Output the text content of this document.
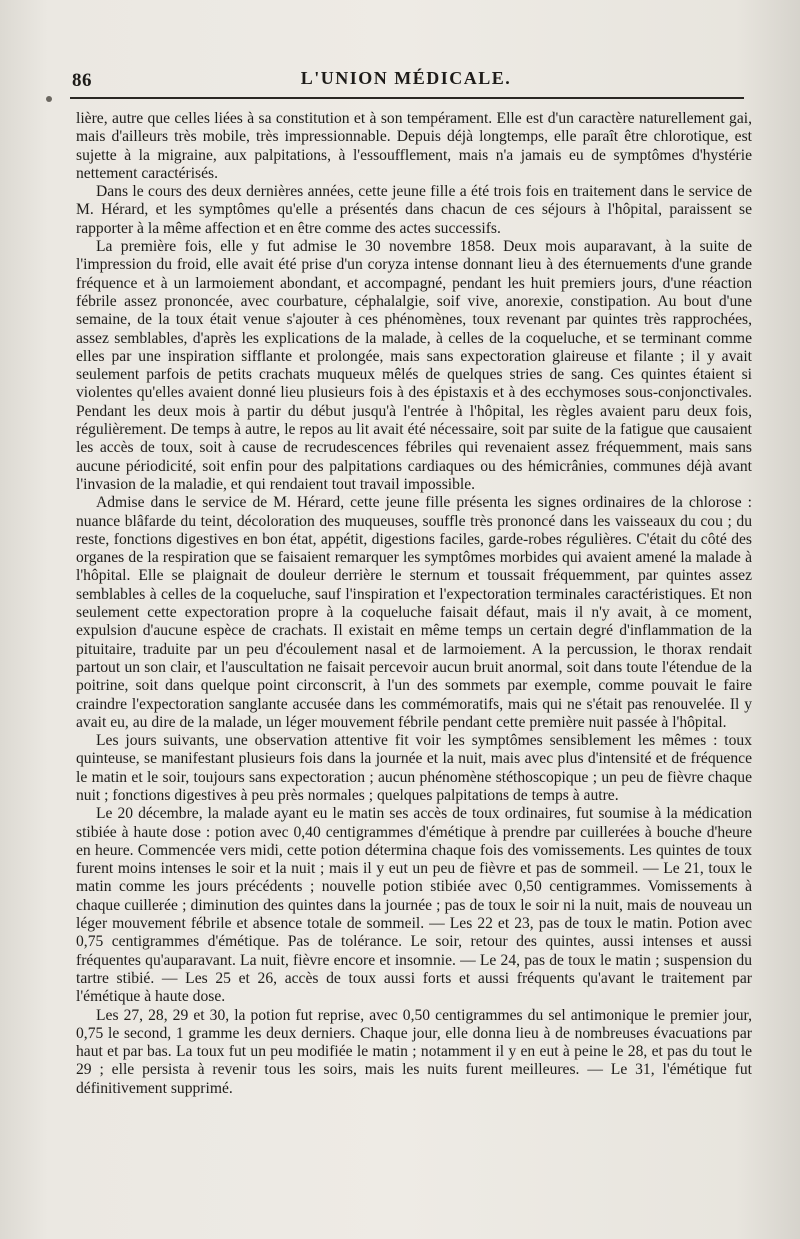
86	L'UNION MÉDICALE.

lière, autre que celles liées à sa constitution et à son tempérament. Elle est d'un caractère naturellement gai, mais d'ailleurs très mobile, très impressionnable. Depuis déjà longtemps, elle paraît être chlorotique, est sujette à la migraine, aux palpitations, à l'essoufflement, mais n'a jamais eu de symptômes d'hystérie nettement caractérisés.

Dans le cours des deux dernières années, cette jeune fille a été trois fois en traitement dans le service de M. Hérard, et les symptômes qu'elle a présentés dans chacun de ces séjours à l'hôpital, paraissent se rapporter à la même affection et en être comme des actes successifs.

La première fois, elle y fut admise le 30 novembre 1858. Deux mois auparavant, à la suite de l'impression du froid, elle avait été prise d'un coryza intense donnant lieu à des éternuements d'une grande fréquence et à un larmoiement abondant, et accompagné, pendant les huit premiers jours, d'une réaction fébrile assez prononcée, avec courbature, céphalalgie, soif vive, anorexie, constipation. Au bout d'une semaine, de la toux était venue s'ajouter à ces phénomènes, toux revenant par quintes très rapprochées, assez semblables, d'après les explications de la malade, à celles de la coqueluche, et se terminant comme elles par une inspiration sifflante et prolongée, mais sans expectoration glaireuse et filante ; il y avait seulement parfois de petits crachats muqueux mêlés de quelques stries de sang. Ces quintes étaient si violentes qu'elles avaient donné lieu plusieurs fois à des épistaxis et à des ecchymoses sous-conjonctivales. Pendant les deux mois à partir du début jusqu'à l'entrée à l'hôpital, les règles avaient paru deux fois, régulièrement. De temps à autre, le repos au lit avait été nécessaire, soit par suite de la fatigue que causaient les accès de toux, soit à cause de recrudescences fébriles qui revenaient assez fréquemment, mais sans aucune périodicité, soit enfin pour des palpitations cardiaques ou des hémicrânies, communes déjà avant l'invasion de la maladie, et qui rendaient tout travail impossible.

Admise dans le service de M. Hérard, cette jeune fille présenta les signes ordinaires de la chlorose : nuance blâfarde du teint, décoloration des muqueuses, souffle très prononcé dans les vaisseaux du cou ; du reste, fonctions digestives en bon état, appétit, digestions faciles, garde-robes régulières. C'était du côté des organes de la respiration que se faisaient remarquer les symptômes morbides qui avaient amené la malade à l'hôpital. Elle se plaignait de douleur derrière le sternum et toussait fréquemment, par quintes assez semblables à celles de la coqueluche, sauf l'inspiration et l'expectoration terminales caractéristiques. Et non seulement cette expectoration propre à la coqueluche faisait défaut, mais il n'y avait, à ce moment, expulsion d'aucune espèce de crachats. Il existait en même temps un certain degré d'inflammation de la pituitaire, traduite par un peu d'écoulement nasal et de larmoiement. A la percussion, le thorax rendait partout un son clair, et l'auscultation ne faisait percevoir aucun bruit anormal, soit dans toute l'étendue de la poitrine, soit dans quelque point circonscrit, à l'un des sommets par exemple, comme pouvait le faire craindre l'expectoration sanglante accusée dans les commémoratifs, mais qui ne s'était pas renouvelée. Il y avait eu, au dire de la malade, un léger mouvement fébrile pendant cette première nuit passée à l'hôpital.

Les jours suivants, une observation attentive fit voir les symptômes sensiblement les mêmes : toux quinteuse, se manifestant plusieurs fois dans la journée et la nuit, mais avec plus d'intensité et de fréquence le matin et le soir, toujours sans expectoration ; aucun phénomène stéthoscopique ; un peu de fièvre chaque nuit ; fonctions digestives à peu près normales ; quelques palpitations de temps à autre.

Le 20 décembre, la malade ayant eu le matin ses accès de toux ordinaires, fut soumise à la médication stibiée à haute dose : potion avec 0,40 centigrammes d'émétique à prendre par cuillerées à bouche d'heure en heure. Commencée vers midi, cette potion détermina chaque fois des vomissements. Les quintes de toux furent moins intenses le soir et la nuit ; mais il y eut un peu de fièvre et pas de sommeil. — Le 21, toux le matin comme les jours précédents ; nouvelle potion stibiée avec 0,50 centigrammes. Vomissements à chaque cuillerée ; diminution des quintes dans la journée ; pas de toux le soir ni la nuit, mais de nouveau un léger mouvement fébrile et absence totale de sommeil. — Les 22 et 23, pas de toux le matin. Potion avec 0,75 centigrammes d'émétique. Pas de tolérance. Le soir, retour des quintes, aussi intenses et aussi fréquentes qu'auparavant. La nuit, fièvre encore et insomnie. — Le 24, pas de toux le matin ; suspension du tartre stibié. — Les 25 et 26, accès de toux aussi forts et aussi fréquents qu'avant le traitement par l'émétique à haute dose.

Les 27, 28, 29 et 30, la potion fut reprise, avec 0,50 centigrammes du sel antimonique le premier jour, 0,75 le second, 1 gramme les deux derniers. Chaque jour, elle donna lieu à de nombreuses évacuations par haut et par bas. La toux fut un peu modifiée le matin ; notamment il y en eut à peine le 28, et pas du tout le 29 ; elle persista à revenir tous les soirs, mais les nuits furent meilleures. — Le 31, l'émétique fut définitivement supprimé.
